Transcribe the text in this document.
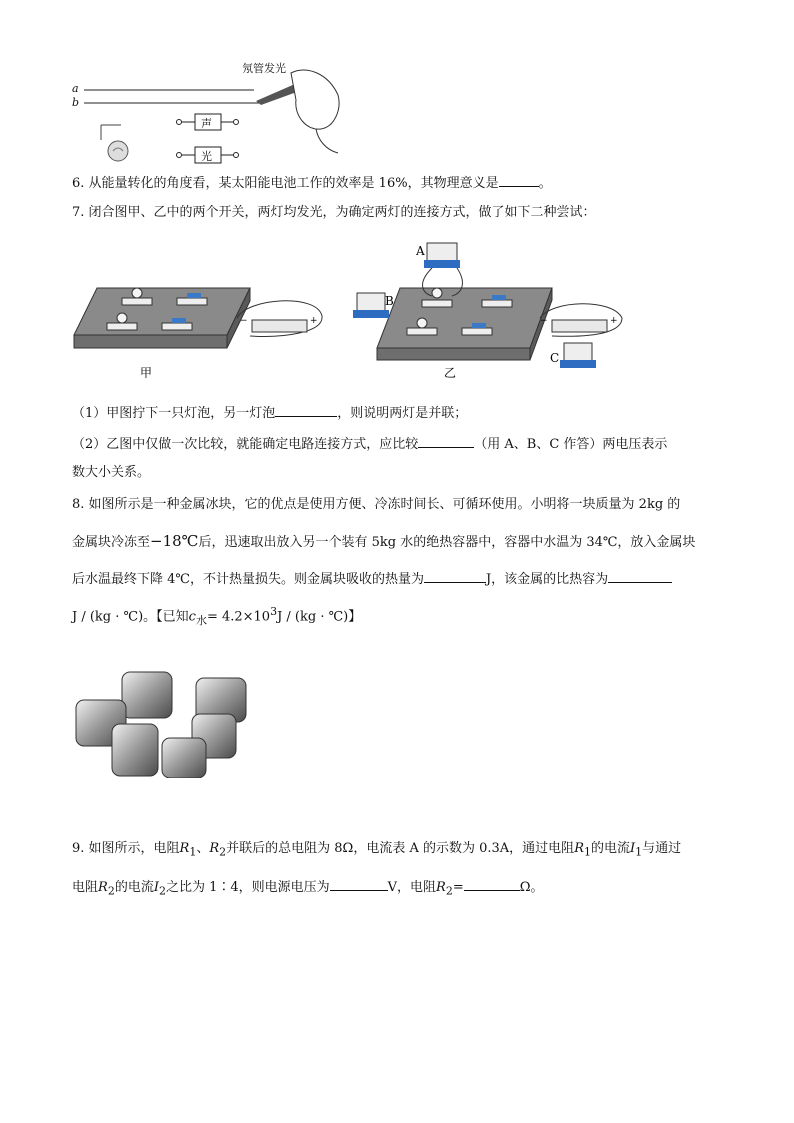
氖管发光
a
b
声
光
6. 从能量转化的角度看，某太阳能电池工作的效率是 16%，其物理意义是	。
7. 闭合图甲、乙中的两个开关，两灯均发光，为确定两灯的连接方式，做了如下二种尝试：
−	+
甲
−	+
A
B
C
乙
（1）甲图拧下一只灯泡，另一灯泡	，则说明两灯是并联；
（2）乙图中仅做一次比较，就能确定电路连接方式，应比较	（用 A、B、C 作答）两电压表示
数大小关系。
8. 如图所示是一种金属冰块，它的优点是使用方便、冷冻时间长、可循环使用。小明将一块质量为 2kg 的
金属块冷冻至−18℃后，迅速取出放入另一个装有 5kg 水的绝热容器中，容器中水温为 34℃，放入金属块
后水温最终下降 4℃，不计热量损失。则金属块吸收的热量为	J，该金属的比热容为
J / (kg · ℃)。【已知$c_水= 4.2\times 10^3J / (kg$ · ℃)】
9. 如图所示，电阻$R_1$、$R_2$并联后的总电阻为 8Ω，电流表 A 的示数为 0.3A，通过电阻$R_1$的电流$I_1$与通过
电阻$R_2$的电流$I_2$之比为 1∶4，则电源电压为	V，电阻$R_2=$	Ω。
